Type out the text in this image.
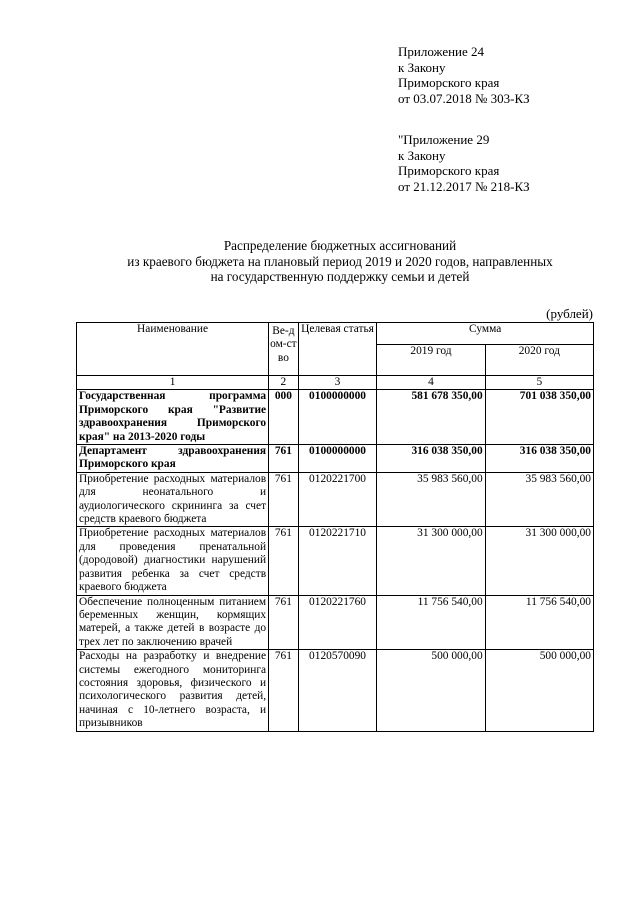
Приложение 24
к Закону
Приморского края
от 03.07.2018 № 303-КЗ
"Приложение 29
к Закону
Приморского края
от 21.12.2017 № 218-КЗ
Распределение бюджетных ассигнований
из краевого бюджета на плановый период 2019 и 2020 годов, направленных
на государственную поддержку семьи и детей
(рублей)
Наименование	Ве-дом-ство	Целевая статья	Сумма	
			2019 год	2020 год
1	2	3	4	5
Государственная программа Приморского края "Развитие здравоохранения Приморского края" на 2013-2020 годы	000	0100000000	581 678 350,00	701 038 350,00
Департамент здравоохранения Приморского края	761	0100000000	316 038 350,00	316 038 350,00
Приобретение расходных материалов для неонатального и аудиологического скрининга за счет средств краевого бюджета	761	0120221700	35 983 560,00	35 983 560,00
Приобретение расходных материалов для проведения пренатальной (дородовой) диагностики нарушений развития ребенка за счет средств краевого бюджета	761	0120221710	31 300 000,00	31 300 000,00
Обеспечение полноценным питанием беременных женщин, кормящих матерей, а также детей в возрасте до трех лет по заключению врачей	761	0120221760	11 756 540,00	11 756 540,00
Расходы на разработку и внедрение системы ежегодного мониторинга состояния здоровья, физического и психологического развития детей, начиная с 10-летнего возраста, и призывников	761	0120570090	500 000,00	500 000,00
